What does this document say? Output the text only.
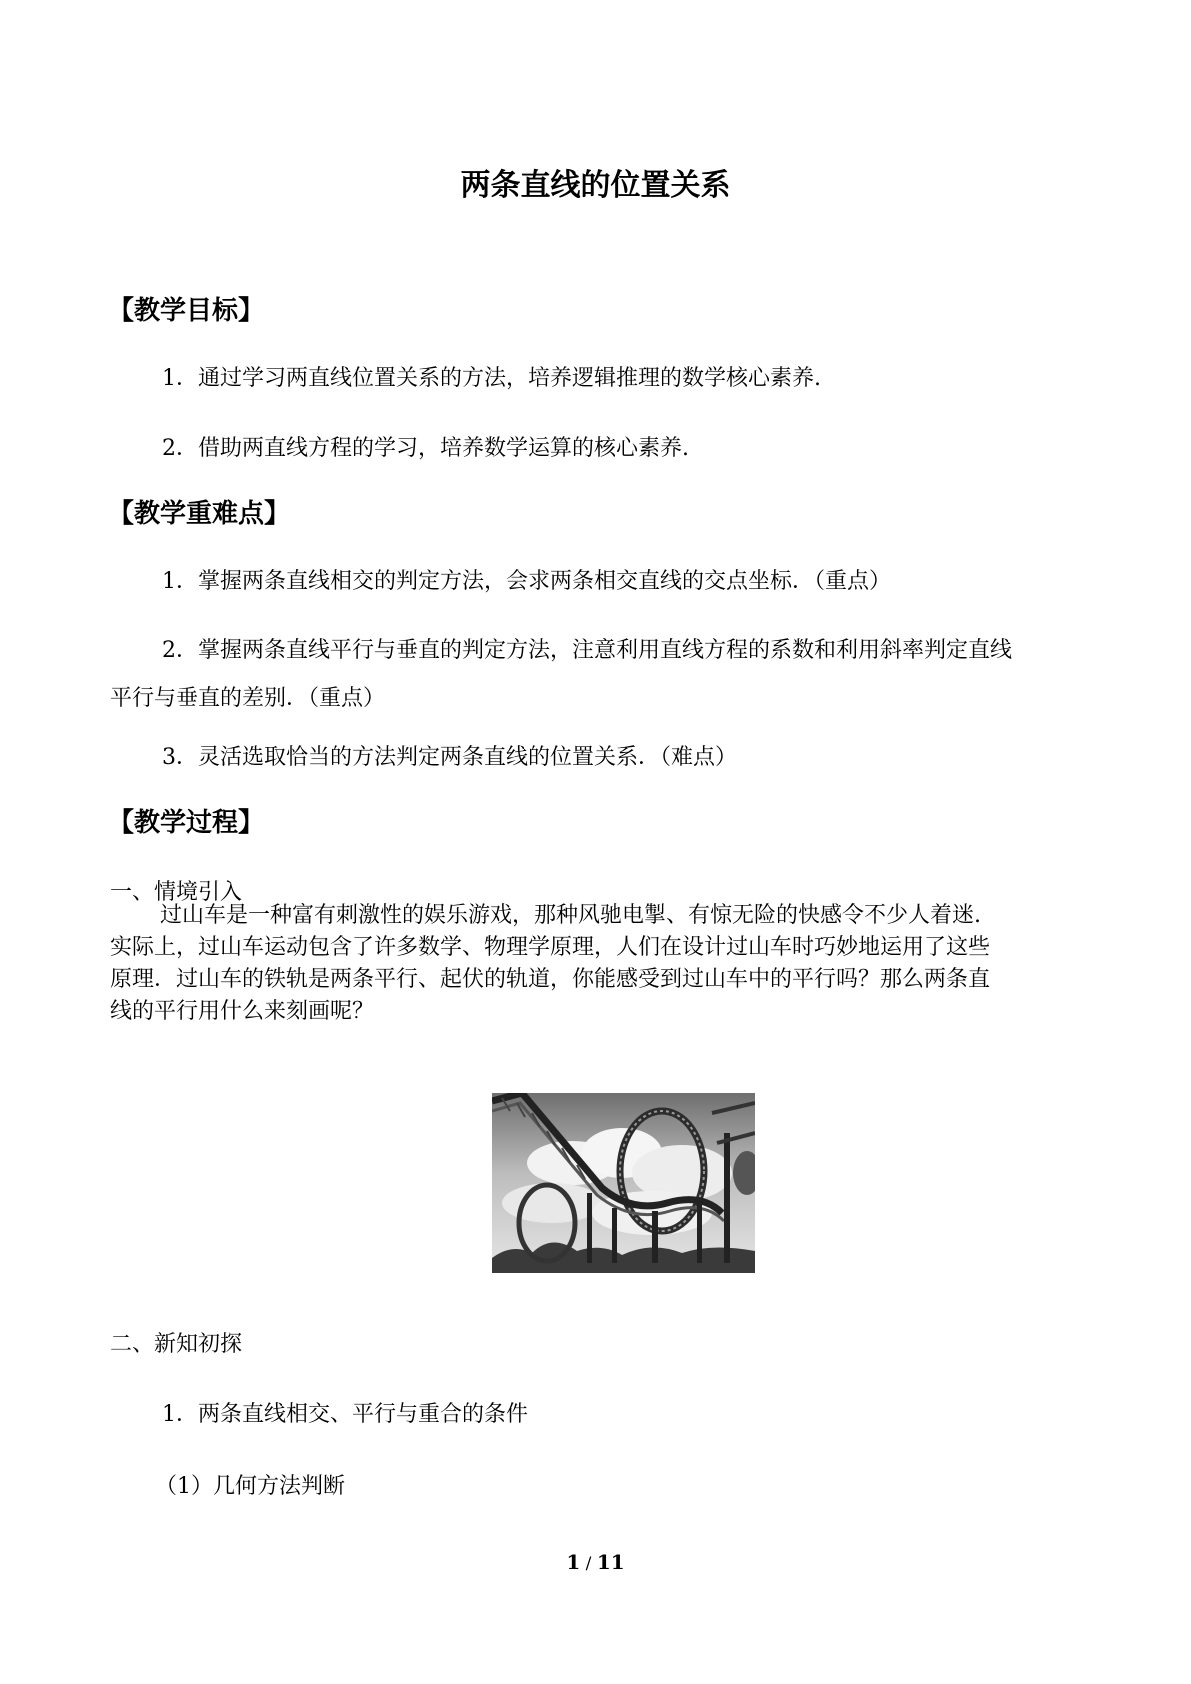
两条直线的位置关系
【教学目标】
1．通过学习两直线位置关系的方法，培养逻辑推理的数学核心素养.
2．借助两直线方程的学习，培养数学运算的核心素养.
【教学重难点】
1．掌握两条直线相交的判定方法，会求两条相交直线的交点坐标．（重点）
2．掌握两条直线平行与垂直的判定方法，注意利用直线方程的系数和利用斜率判定直线
平行与垂直的差别．（重点）
3．灵活选取恰当的方法判定两条直线的位置关系．（难点）
【教学过程】
一、情境引入

过山车是一种富有刺激性的娱乐游戏，那种风驰电掣、有惊无险的快感令不少人着迷.

实际上，过山车运动包含了许多数学、物理学原理，人们在设计过山车时巧妙地运用了这些

原理．过山车的铁轨是两条平行、起伏的轨道，你能感受到过山车中的平行吗？那么两条直

线的平行用什么来刻画呢？

二、新知初探
1．两条直线相交、平行与重合的条件
（1）几何方法判断
1 / 11
